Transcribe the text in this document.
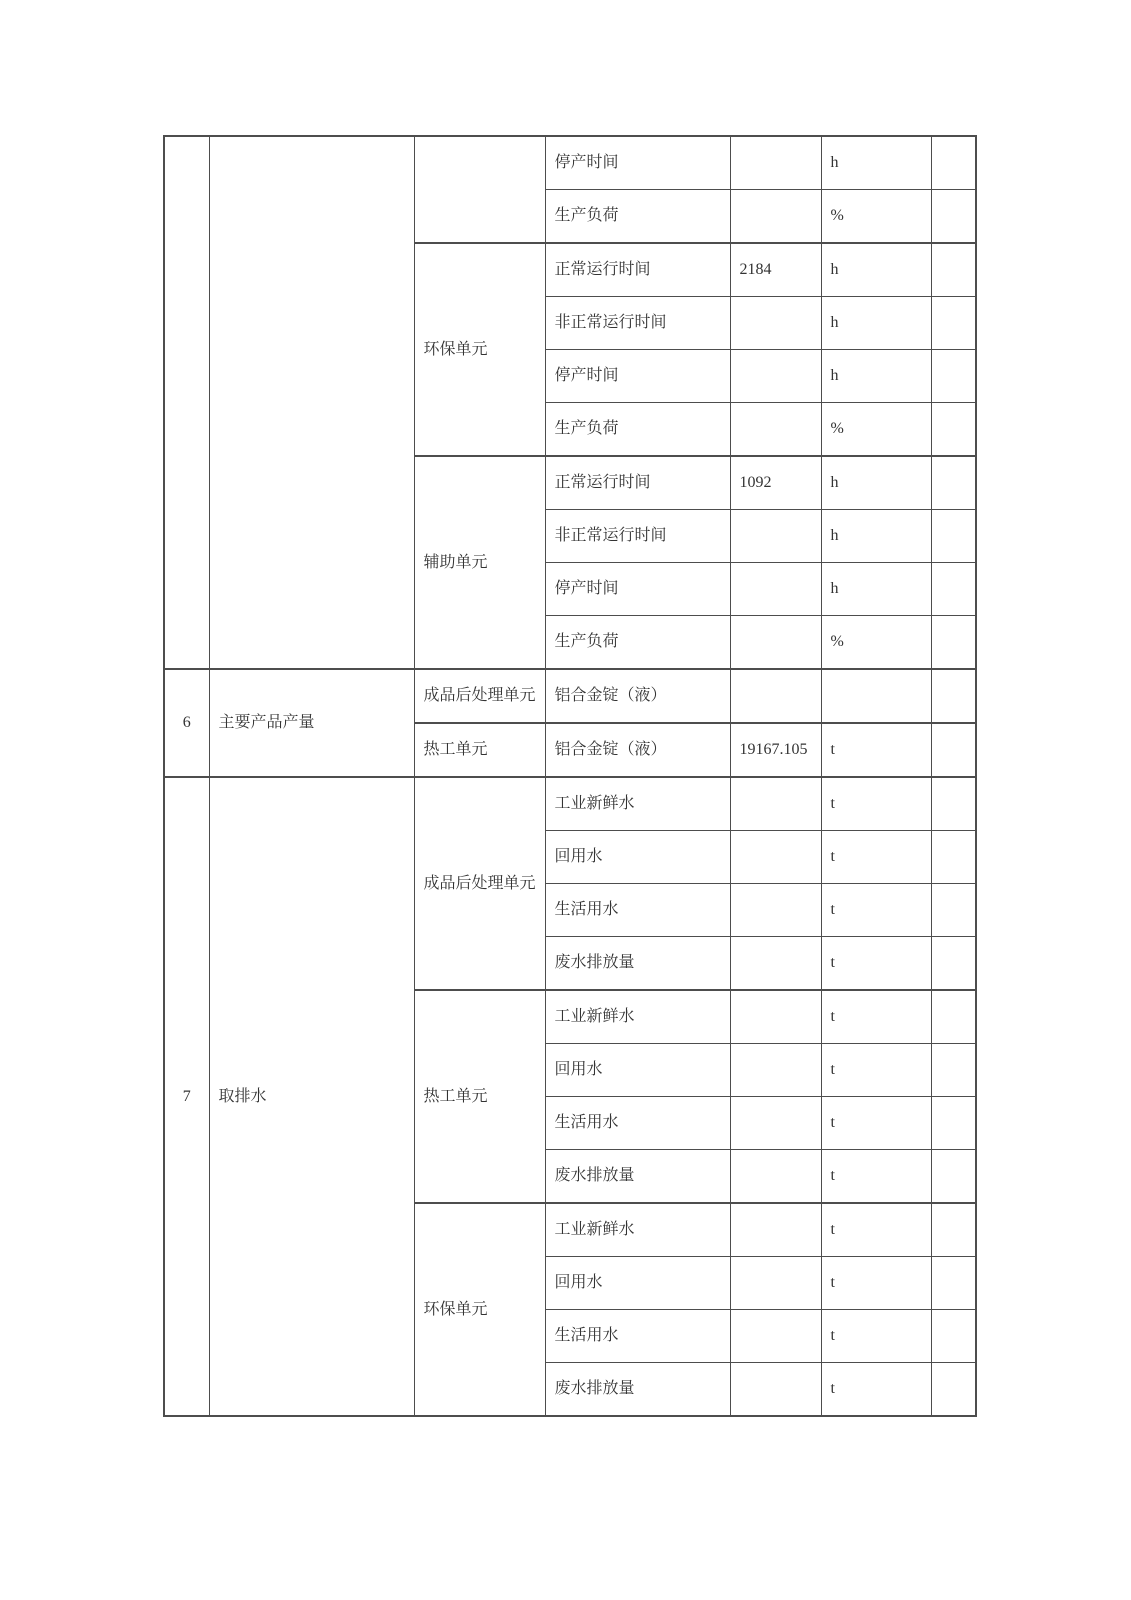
			停产时间		h	
			生产负荷		%	
		环保单元	正常运行时间	2184	h	
			非正常运行时间		h	
			停产时间		h	
			生产负荷		%	
		辅助单元	正常运行时间	1092	h	
			非正常运行时间		h	
			停产时间		h	
			生产负荷		%	
6	主要产品产量	成品后处理单元	铝合金锭（液）			
		热工单元	铝合金锭（液）	19167.105	t	
7	取排水	成品后处理单元	工业新鲜水		t	
			回用水		t	
			生活用水		t	
			废水排放量		t	
		热工单元	工业新鲜水		t	
			回用水		t	
			生活用水		t	
			废水排放量		t	
		环保单元	工业新鲜水		t	
			回用水		t	
			生活用水		t	
			废水排放量		t	
